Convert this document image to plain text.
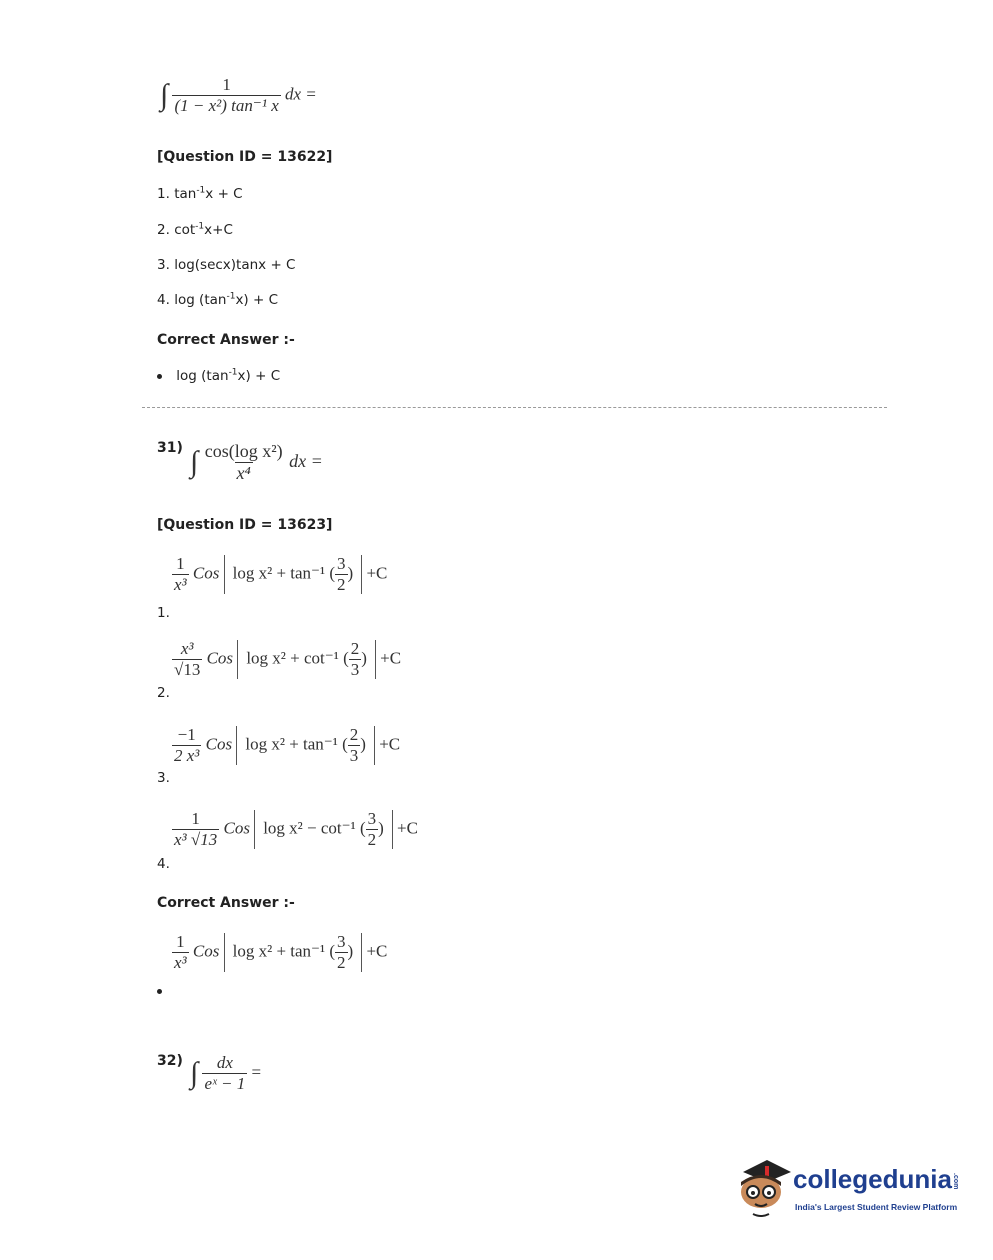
∫ $\frac{1}{\text{(1 − x²) tan⁻¹ x}}$ dx =
[Question ID = 13622]
1. $\tan^{-1}x + C$
2. $\cot^{-1}x+C$
3. log(secx)tanx + C
4. $\log (\tan^{-1}x) + C$
Correct Answer :-
$\log (\tan^{-1}x) + C$
31) ∫ $\frac{\text{cos(log x²)}}{\text{x⁴}}$ dx =
[Question ID = 13623]
$\frac{1}{\text{x³}}$ Cos log x² + tan⁻¹ ( $\frac{3}{2}$ ) +C
1.
$\frac{\text{x³}}{√13}$ Cos log x² + cot⁻¹ ( $\frac{2}{3}$ ) +C
2.
$\frac{-1}{\text{2 x³}}$ Cos log x² + tan⁻¹ ( $\frac{2}{3}$ ) +C
3.
$\frac{1}{\text{x³ √13}}$ Cos log x² − cot⁻¹ ( $\frac{3}{2}$ ) +C
4.
Correct Answer :-
$\frac{1}{\text{x³}}$ Cos log x² + tan⁻¹ ( $\frac{3}{2}$ ) +C
32) ∫ $\frac{dx}{\text{eˣ − 1}}$ =
collegedunia.com
India's Largest Student Review Platform
